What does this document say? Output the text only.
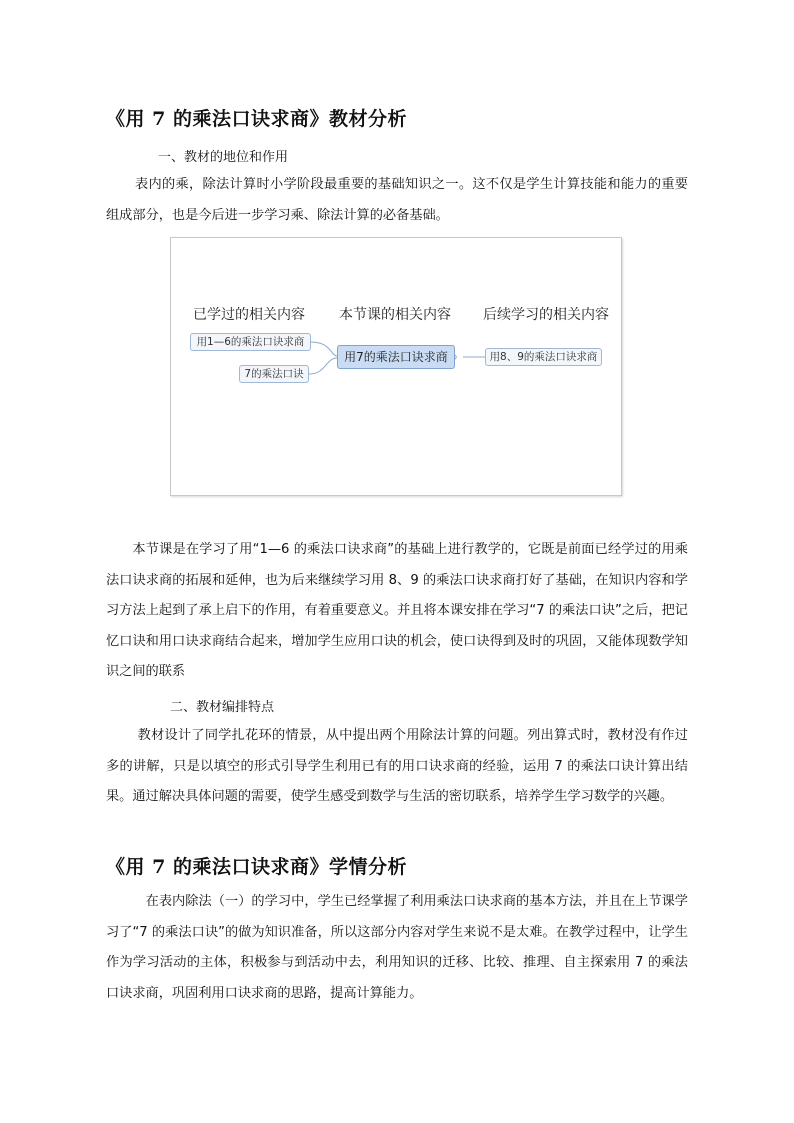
《用 7 的乘法口诀求商》教材分析
一、教材的地位和作用

表内的乘，除法计算时小学阶段最重要的基础知识之一。这不仅是学生计算技能和能力的重要组成部分，也是今后进一步学习乘、除法计算的必备基础。

已学过的相关内容 本节课的相关内容 后续学习的相关内容
用1—6的乘法口诀求商
7的乘法口诀
用7的乘法口诀求商	用8、9的乘法口诀求商

本节课是在学习了用“1—6 的乘法口诀求商”的基础上进行教学的，它既是前面已经学过的用乘法口诀求商的拓展和延伸，也为后来继续学习用 8、9 的乘法口诀求商打好了基础，在知识内容和学习方法上起到了承上启下的作用，有着重要意义。并且将本课安排在学习“7 的乘法口诀”之后，把记忆口诀和用口诀求商结合起来，增加学生应用口诀的机会，使口诀得到及时的巩固，又能体现数学知识之间的联系

二、教材编排特点

教材设计了同学扎花环的情景，从中提出两个用除法计算的问题。列出算式时，教材没有作过多的讲解，只是以填空的形式引导学生利用已有的用口诀求商的经验，运用 7 的乘法口诀计算出结果。通过解决具体问题的需要，使学生感受到数学与生活的密切联系，培养学生学习数学的兴趣。

《用 7 的乘法口诀求商》学情分析

在表内除法（一）的学习中，学生已经掌握了利用乘法口诀求商的基本方法，并且在上节课学习了“7 的乘法口诀”的做为知识准备，所以这部分内容对学生来说不是太难。在教学过程中，让学生作为学习活动的主体，积极参与到活动中去，利用知识的迁移、比较、推理、自主探索用 7 的乘法口诀求商，巩固利用口诀求商的思路，提高计算能力。
